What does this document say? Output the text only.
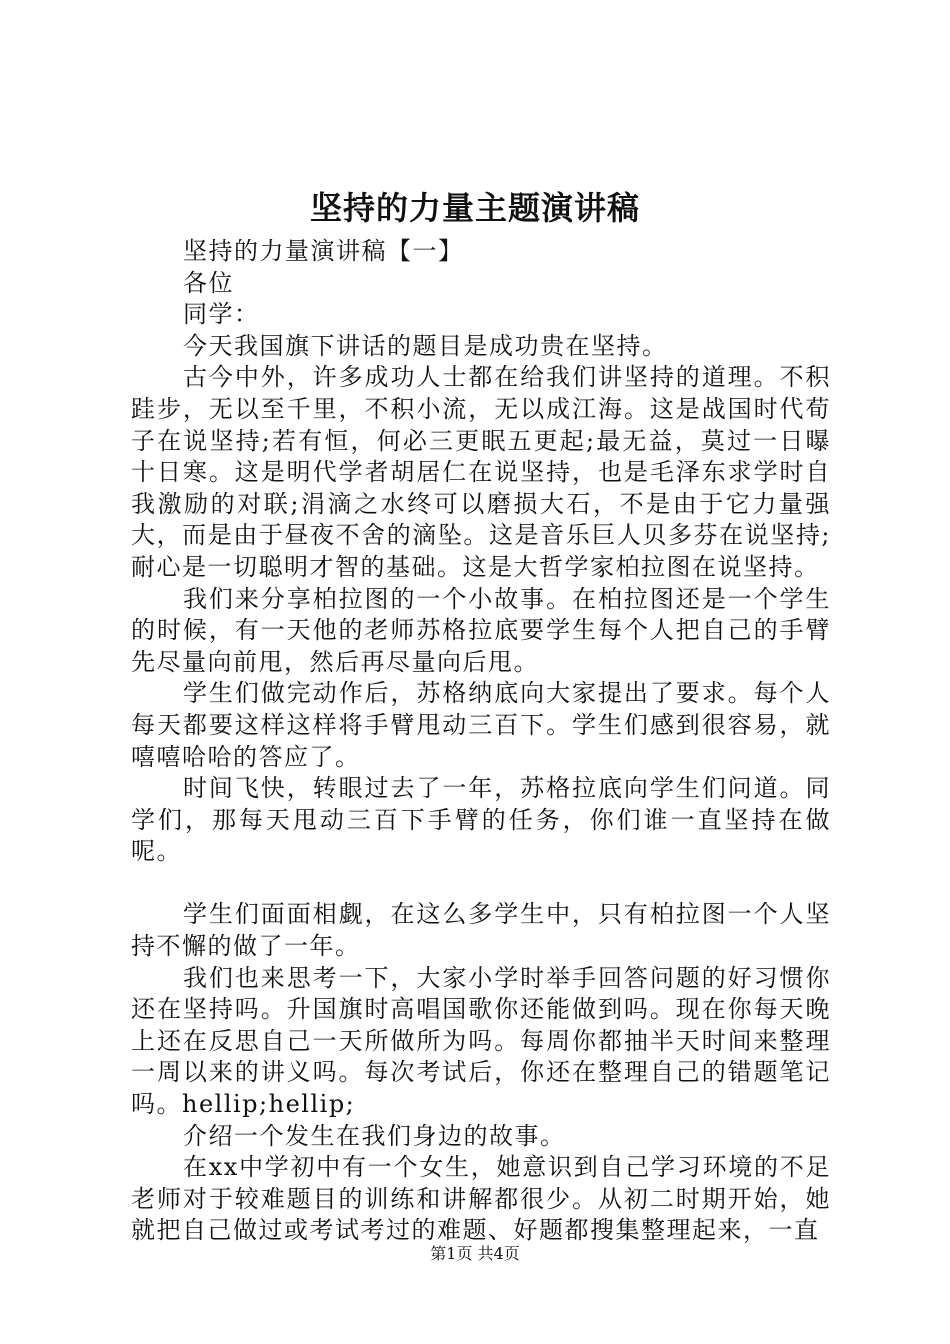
坚持的力量主题演讲稿

坚持的力量演讲稿【一】

各位

同学：

今天我国旗下讲话的题目是成功贵在坚持。

古今中外，许多成功人士都在给我们讲坚持的道理。不积跬步，无以至千里，不积小流，无以成江海。这是战国时代荀子在说坚持;若有恒，何必三更眠五更起;最无益，莫过一日曝十日寒。这是明代学者胡居仁在说坚持，也是毛泽东求学时自我激励的对联;涓滴之水终可以磨损大石，不是由于它力量强大，而是由于昼夜不舍的滴坠。这是音乐巨人贝多芬在说坚持;耐心是一切聪明才智的基础。这是大哲学家柏拉图在说坚持。

我们来分享柏拉图的一个小故事。在柏拉图还是一个学生的时候，有一天他的老师苏格拉底要学生每个人把自己的手臂先尽量向前甩，然后再尽量向后甩。

学生们做完动作后，苏格纳底向大家提出了要求。每个人每天都要这样这样将手臂甩动三百下。学生们感到很容易，就嘻嘻哈哈的答应了。

时间飞快，转眼过去了一年，苏格拉底向学生们问道。同学们，那每天甩动三百下手臂的任务，你们谁一直坚持在做呢。

学生们面面相觑，在这么多学生中，只有柏拉图一个人坚持不懈的做了一年。

我们也来思考一下，大家小学时举手回答问题的好习惯你还在坚持吗。升国旗时高唱国歌你还能做到吗。现在你每天晚上还在反思自己一天所做所为吗。每周你都抽半天时间来整理一周以来的讲义吗。每次考试后，你还在整理自己的错题笔记吗。hellip;hellip;

介绍一个发生在我们身边的故事。

在xx中学初中有一个女生，她意识到自己学习环境的不足老师对于较难题目的训练和讲解都很少。从初二时期开始，她就把自己做过或考试考过的难题、好题都搜集整理起来，一直

第1页 共4页
